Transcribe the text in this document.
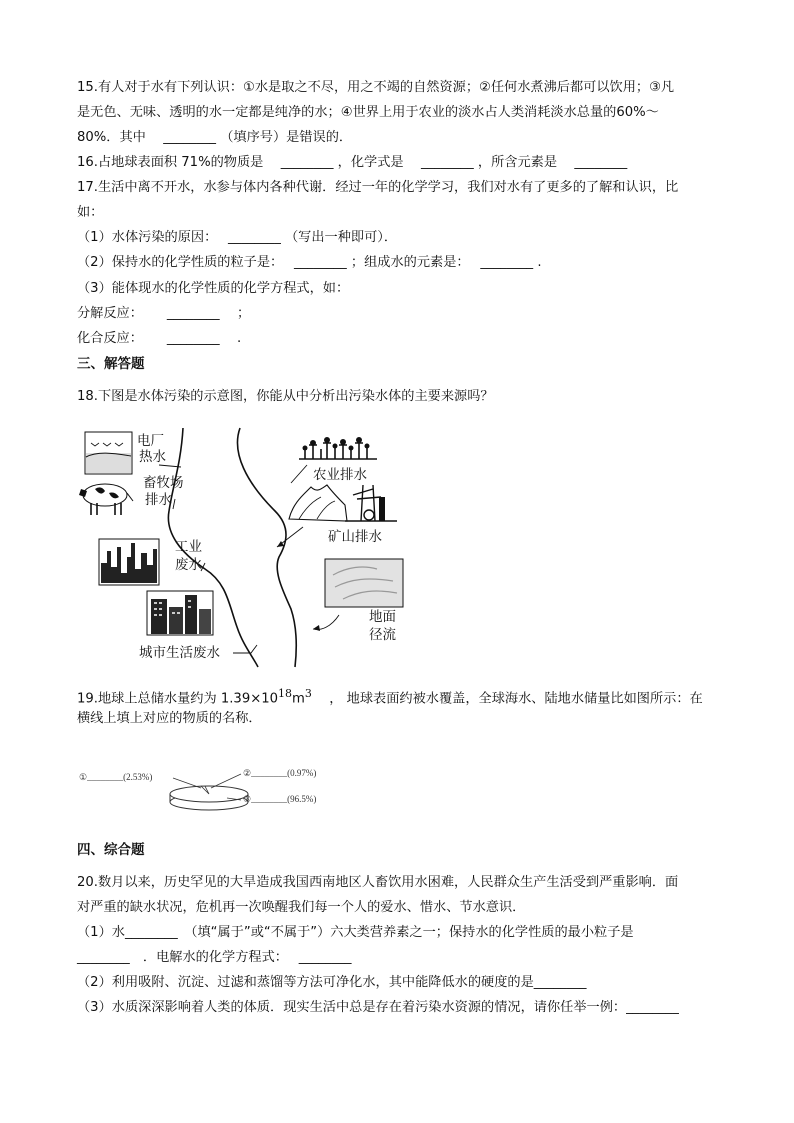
15.有人对于水有下列认识：①水是取之不尽，用之不竭的自然资源；②任何水煮沸后都可以饮用；③凡
是无色、无味、透明的水一定都是纯净的水；④世界上用于农业的淡水占人类消耗淡水总量的60%～
80%．其中　 ________ （填序号）是错误的．
16.占地球表面积 71%的物质是　 ________ ，化学式是　 ________ ，所含元素是　 ________
17.生活中离不开水，水参与体内各种代谢．经过一年的化学学习，我们对水有了更多的了解和认识，比
如：
（1）水体污染的原因：　 ________ （写出一种即可）．
（2）保持水的化学性质的粒子是：　 ________ ；组成水的元素是：　 ________ .
（3）能体现水的化学性质的化学方程式，如：
分解反应：　　 ________ 　；
化合反应：　　 ________ 　.
三、解答题
18.下图是水体污染的示意图，你能从中分析出污染水体的主要来源吗？
电厂
热水
畜牧场
排水
工业
废水
城市生活废水
农业排水
矿山排水
地面
径流
19.地球上总储水量约为 $1.39\times 10^{18}m^3$ 　， 地球表面约被水覆盖，全球海水、陆地水储量比如图所示：在
横线上填上对应的物质的名称．
①________(2.53%)	②________(0.97%)
③________(96.5%)
四、综合题
20.数月以来，历史罕见的大旱造成我国西南地区人畜饮用水困难，人民群众生产生活受到严重影响．面
对严重的缺水状况，危机再一次唤醒我们每一个人的爱水、惜水、节水意识．
（1）水________　（填“属于”或“不属于”）六大类营养素之一；保持水的化学性质的最小粒子是
________　．电解水的化学方程式：　 ________
（2）利用吸附、沉淀、过滤和蒸馏等方法可净化水，其中能降低水的硬度的是________
（3）水质深深影响着人类的体质．现实生活中总是存在着污染水资源的情况，请你任举一例：________
